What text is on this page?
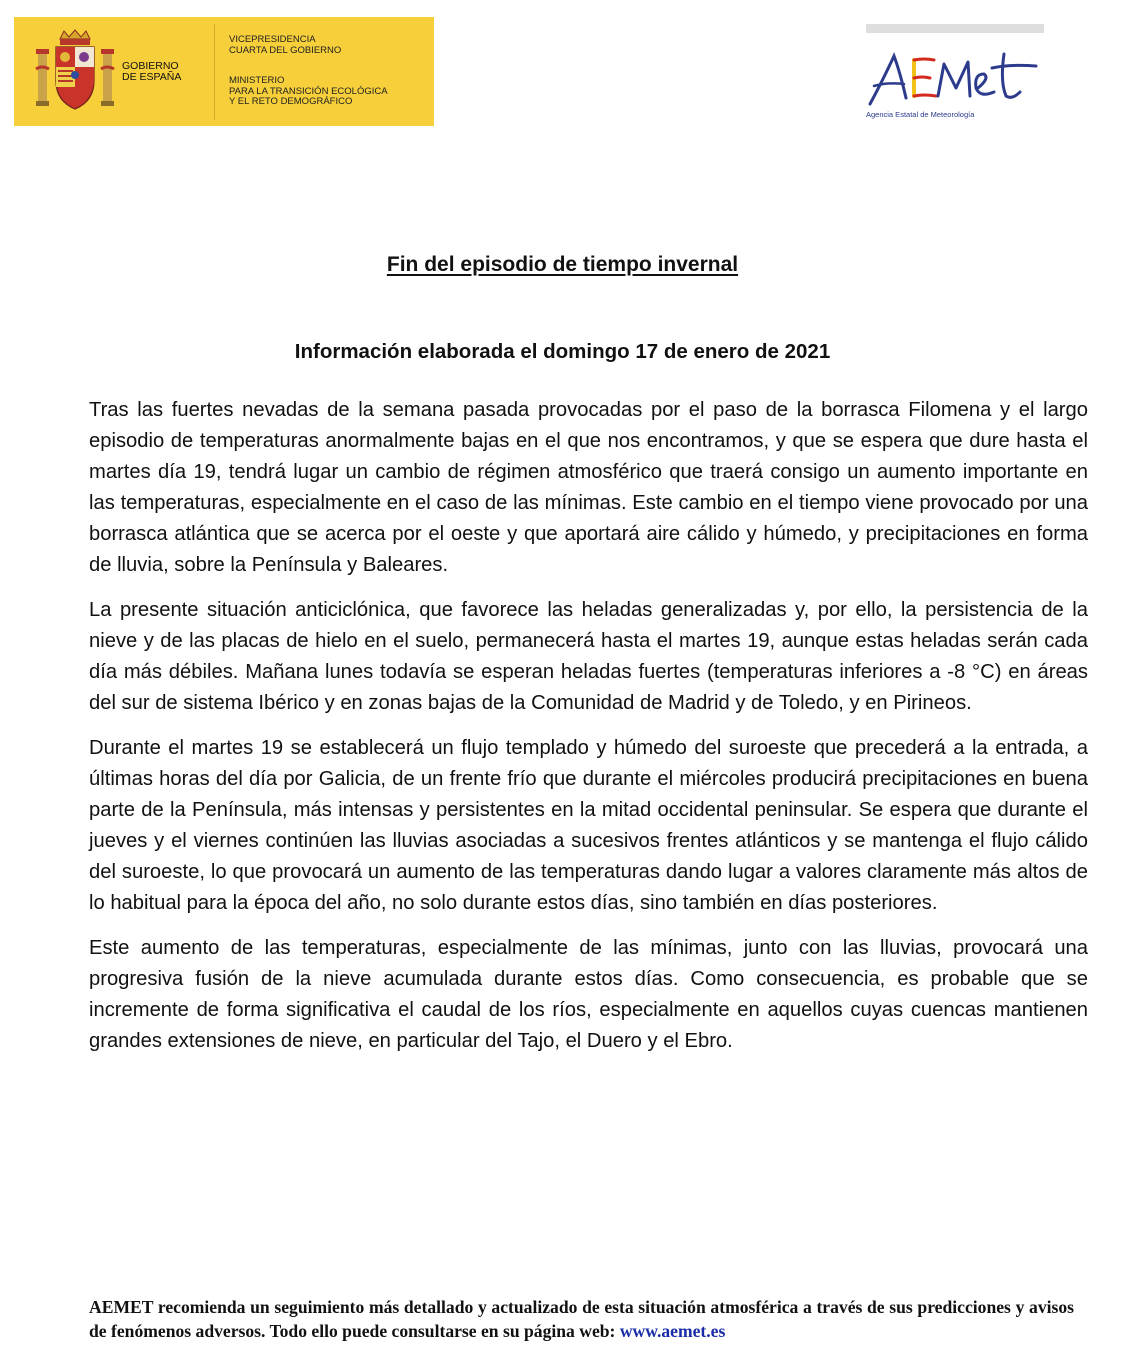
GOBIERNO
DE ESPAÑA
VICEPRESIDENCIA
CUARTA DEL GOBIERNO
MINISTERIO
PARA LA TRANSICIÓN ECOLÓGICA
Y EL RETO DEMOGRÁFICO
Agencia Estatal de Meteorología
Fin del episodio de tiempo invernal
Información elaborada el domingo 17 de enero de 2021

Tras las fuertes nevadas de la semana pasada provocadas por el paso de la borrasca Filomena y el largo episodio de temperaturas anormalmente bajas en el que nos encontramos, y que se espera que dure hasta el martes día 19, tendrá lugar un cambio de régimen atmosférico que traerá consigo un aumento importante en las temperaturas, especialmente en el caso de las mínimas. Este cambio en el tiempo viene provocado por una borrasca atlántica que se acerca por el oeste y que aportará aire cálido y húmedo, y precipitaciones en forma de lluvia, sobre la Península y Baleares.

La presente situación anticiclónica, que favorece las heladas generalizadas y, por ello, la persistencia de la nieve y de las placas de hielo en el suelo, permanecerá hasta el martes 19, aunque estas heladas serán cada día más débiles. Mañana lunes todavía se esperan heladas fuertes (temperaturas inferiores a -8 °C) en áreas del sur de sistema Ibérico y en zonas bajas de la Comunidad de Madrid y de Toledo, y en Pirineos.

Durante el martes 19 se establecerá un flujo templado y húmedo del suroeste que precederá a la entrada, a últimas horas del día por Galicia, de un frente frío que durante el miércoles producirá precipitaciones en buena parte de la Península, más intensas y persistentes en la mitad occidental peninsular. Se espera que durante el jueves y el viernes continúen las lluvias asociadas a sucesivos frentes atlánticos y se mantenga el flujo cálido del suroeste, lo que provocará un aumento de las temperaturas dando lugar a valores claramente más altos de lo habitual para la época del año, no solo durante estos días, sino también en días posteriores.

Este aumento de las temperaturas, especialmente de las mínimas, junto con las lluvias, provocará una progresiva fusión de la nieve acumulada durante estos días. Como consecuencia, es probable que se incremente de forma significativa el caudal de los ríos, especialmente en aquellos cuyas cuencas mantienen grandes extensiones de nieve, en particular del Tajo, el Duero y el Ebro.

AEMET recomienda un seguimiento más detallado y actualizado de esta situación atmosférica a través de sus predicciones y avisos de fenómenos adversos. Todo ello puede consultarse en su página web: www.aemet.es
